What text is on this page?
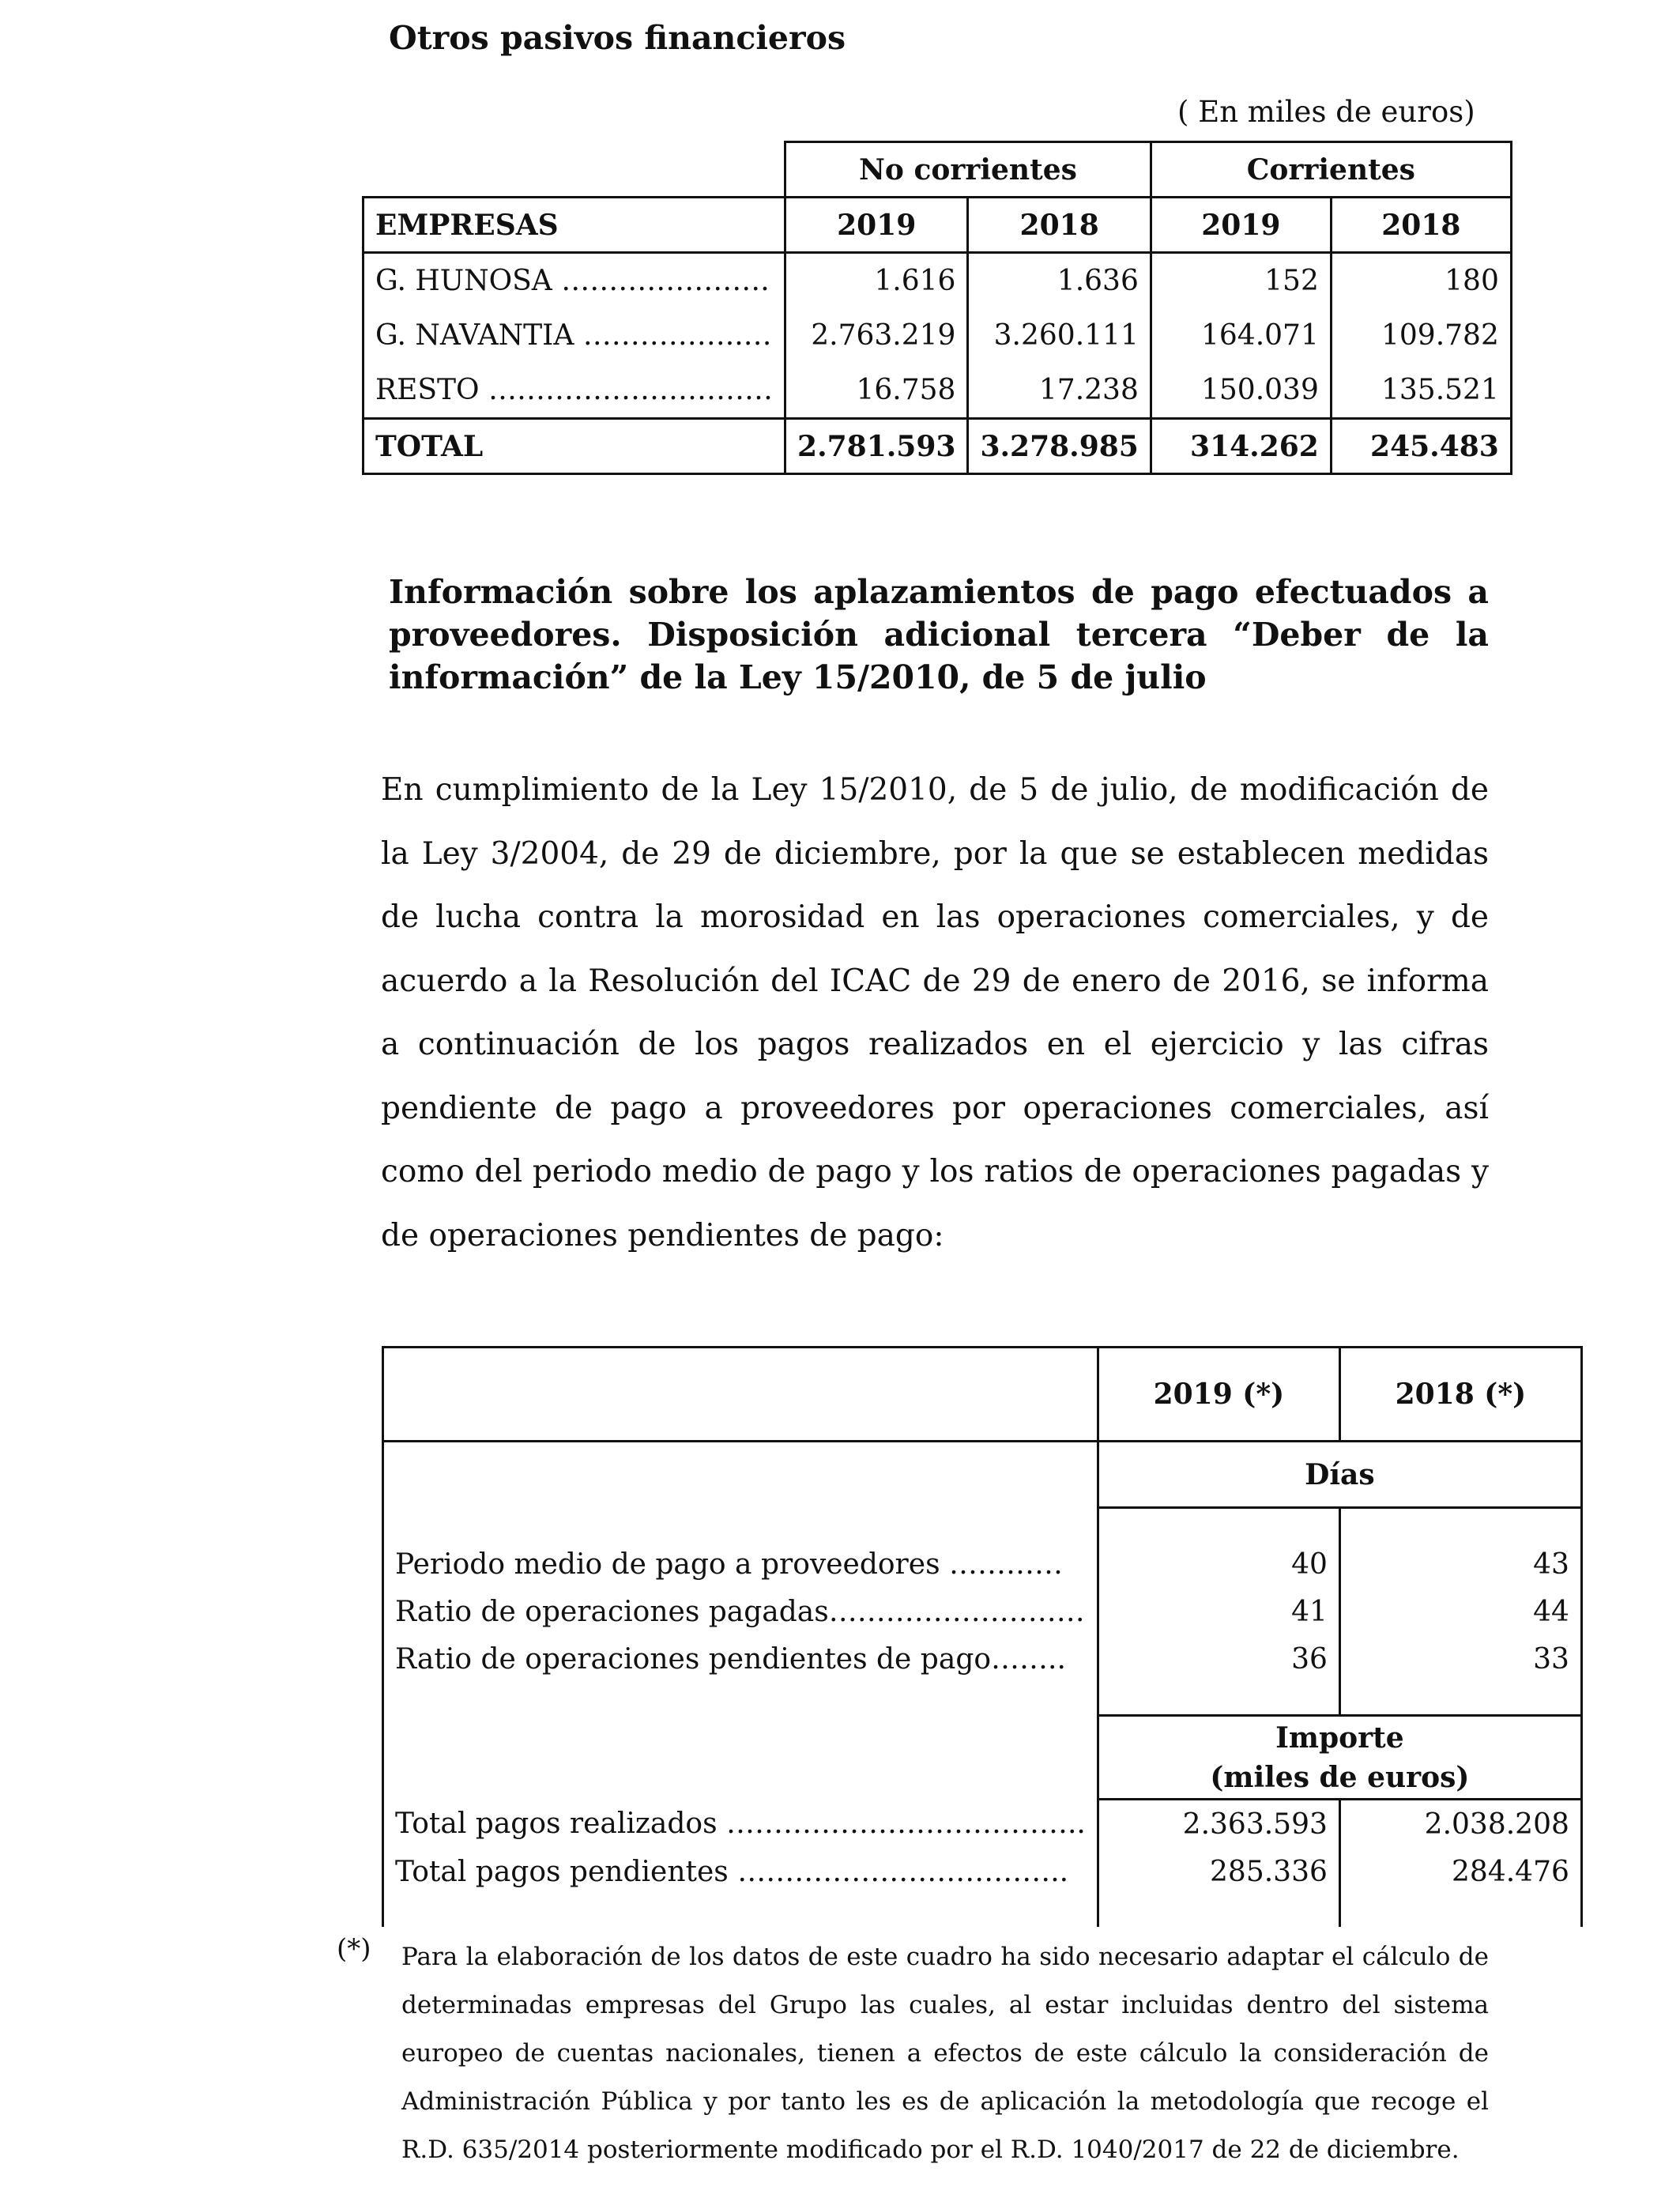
Otros pasivos financieros
( En miles de euros)
	No corrientes		Corrientes	
EMPRESAS	2019	2018	2019	2018
G. HUNOSA ………………….	1.616	1.636	152	180
G. NAVANTIA ……………..…	2.763.219	3.260.111	164.071	109.782
RESTO …………………………	16.758	17.238	150.039	135.521
TOTAL	2.781.593	3.278.985	314.262	245.483
Información sobre los aplazamientos de pago efectuados a proveedores. Disposición adicional tercera “Deber de la información” de la Ley 15/2010, de 5 de julio
En cumplimiento de la Ley 15/2010, de 5 de julio, de modificación de la Ley 3/2004, de 29 de diciembre, por la que se establecen medidas de lucha contra la morosidad en las operaciones comerciales, y de acuerdo a la Resolución del ICAC de 29 de enero de 2016, se informa a continuación de los pagos realizados en el ejercicio y las cifras pendiente de pago a proveedores por operaciones comerciales, así como del periodo medio de pago y los ratios de operaciones pagadas y de operaciones pendientes de pago:
	2019 (*)	2018 (*)
	Días	

Periodo medio de pago a proveedores …………	40	43
Ratio de operaciones pagadas………………………	41	44
Ratio de operaciones pendientes de pago……..	36	33

	Importe
(miles de euros)	

Total pagos realizados ………………………………..	2.363.593	2.038.208
Total pagos pendientes ……………………………..	285.336	284.476

(*) Para la elaboración de los datos de este cuadro ha sido necesario adaptar el cálculo de determinadas empresas del Grupo las cuales, al estar incluidas dentro del sistema europeo de cuentas nacionales, tienen a efectos de este cálculo la consideración de Administración Pública y por tanto les es de aplicación la metodología que recoge el R.D. 635/2014 posteriormente modificado por el R.D. 1040/2017 de 22 de diciembre.
